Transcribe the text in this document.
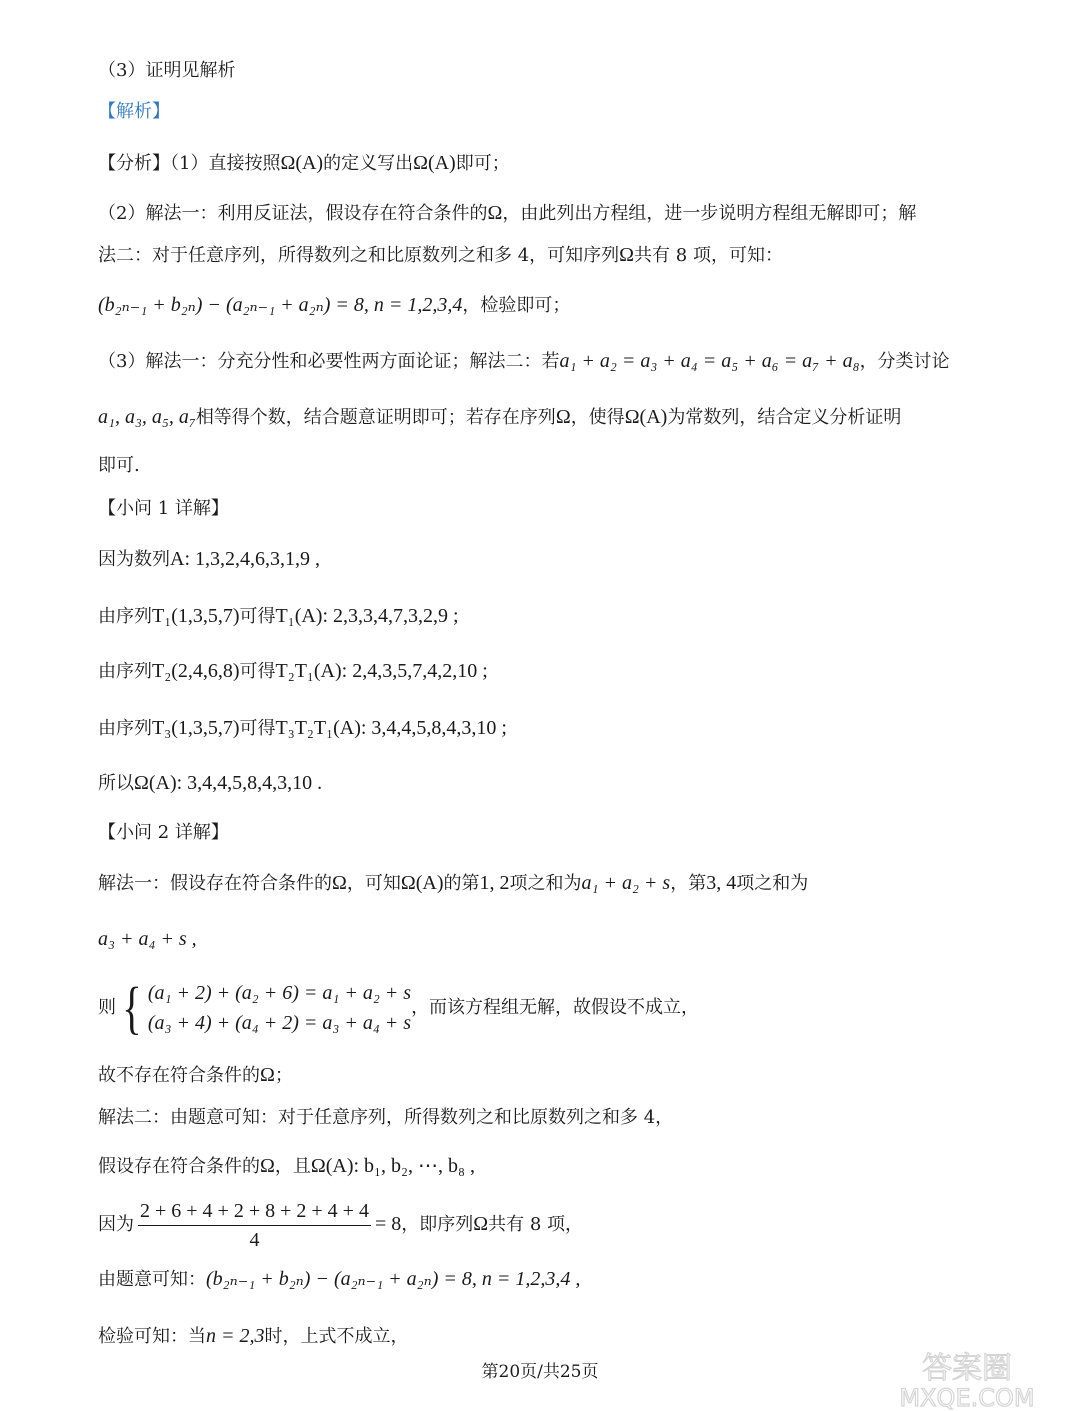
（3）证明见解析
【解析】
【分析】（1）直接按照Ω(A)的定义写出Ω(A)即可；
（2）解法一：利用反证法，假设存在符合条件的Ω，由此列出方程组，进一步说明方程组无解即可；解
法二：对于任意序列，所得数列之和比原数列之和多 4，可知序列Ω共有 8 项，可知：
(b₂ₙ₋₁ + b₂ₙ) − (a₂ₙ₋₁ + a₂ₙ) = 8, n = 1,2,3,4，检验即可；
（3）解法一：分充分性和必要性两方面论证；解法二：若a₁ + a₂ = a₃ + a₄ = a₅ + a₆ = a₇ + a₈，分类讨论
a₁, a₃, a₅, a₇相等得个数，结合题意证明即可；若存在序列Ω，使得Ω(A)为常数列，结合定义分析证明
即可.
【小问 1 详解】
因为数列A: 1,3,2,4,6,3,1,9 ,
由序列T₁(1,3,5,7)可得T₁(A): 2,3,3,4,7,3,2,9 ;
由序列T₂(2,4,6,8)可得T₂T₁(A): 2,4,3,5,7,4,2,10 ;
由序列T₃(1,3,5,7)可得T₃T₂T₁(A): 3,4,4,5,8,4,3,10 ;
所以Ω(A): 3,4,4,5,8,4,3,10 .
【小问 2 详解】
解法一：假设存在符合条件的Ω，可知Ω(A)的第1, 2项之和为a₁ + a₂ + s，第3, 4项之和为
a₃ + a₄ + s ,
则 { (a₁ + 2) + (a₂ + 6) = a₁ + a₂ + s
(a₃ + 4) + (a₄ + 2) = a₃ + a₄ + s
，而该方程组无解，故假设不成立，
故不存在符合条件的Ω；
解法二：由题意可知：对于任意序列，所得数列之和比原数列之和多 4，
假设存在符合条件的Ω，且Ω(A): b₁, b₂, ⋯, b₈ ,
因为 $\frac{2 + 6 + 4 + 2 + 8 + 2 + 4 + 4}{4} = 8$，即序列Ω共有 8 项，
由题意可知：(b₂ₙ₋₁ + b₂ₙ) − (a₂ₙ₋₁ + a₂ₙ) = 8, n = 1,2,3,4 ,
检验可知：当n = 2,3时，上式不成立，
第20页/共25页	答案圈
MXQE.COM
